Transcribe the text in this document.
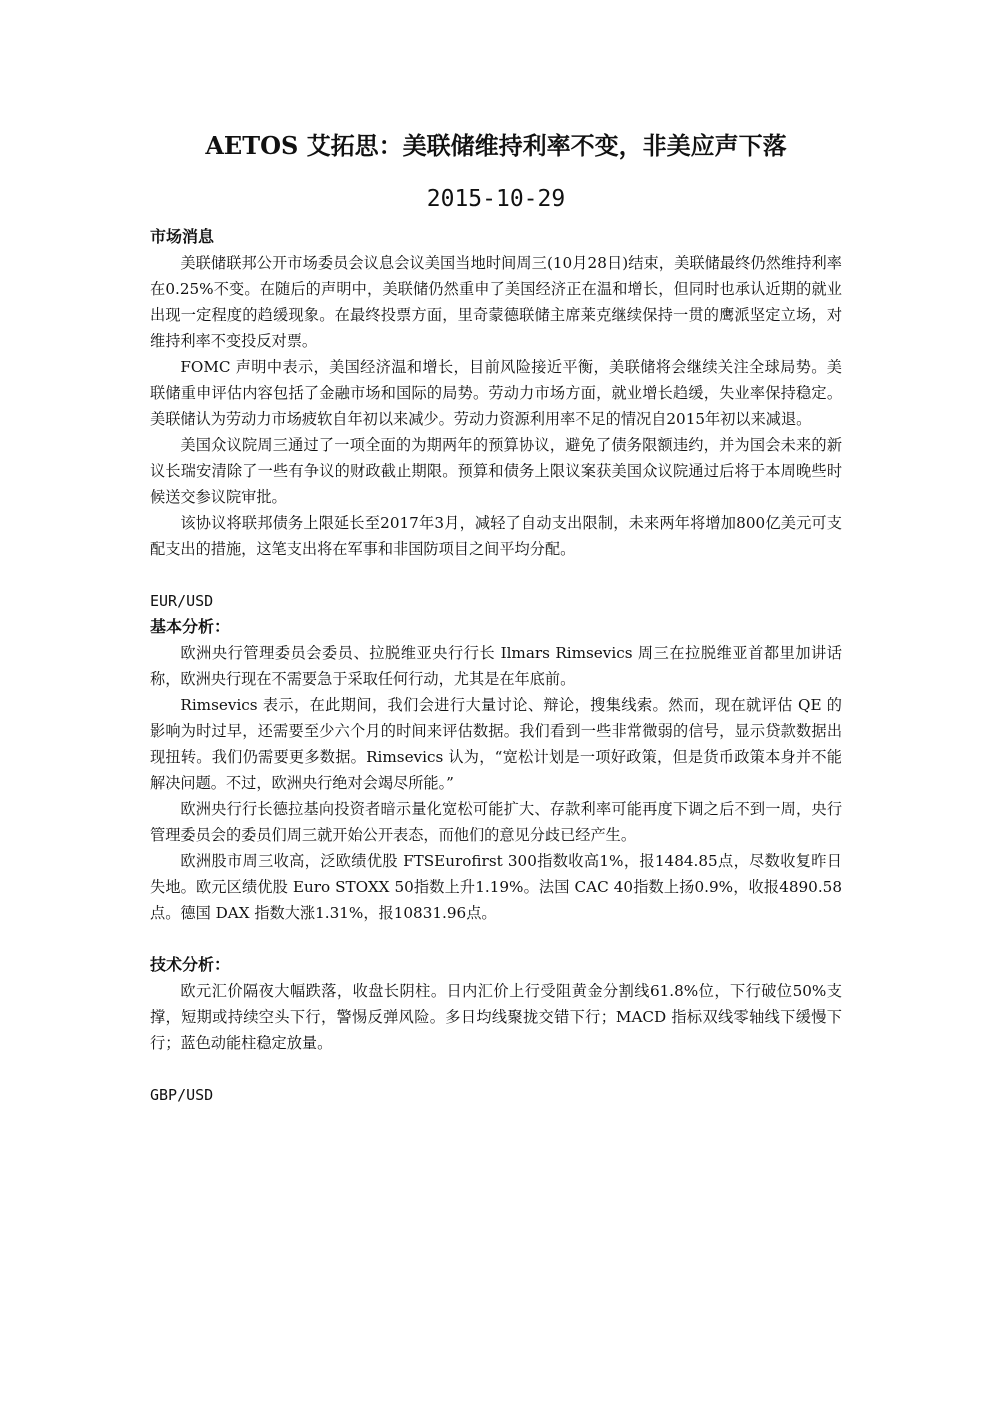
AETOS 艾拓思：美联储维持利率不变，非美应声下落
2015-10-29
市场消息

美联储联邦公开市场委员会议息会议美国当地时间周三(10月28日)结束，美联储最终仍然维持利率在0.25%不变。在随后的声明中，美联储仍然重申了美国经济正在温和增长，但同时也承认近期的就业出现一定程度的趋缓现象。在最终投票方面，里奇蒙德联储主席莱克继续保持一贯的鹰派坚定立场，对维持利率不变投反对票。

FOMC 声明中表示，美国经济温和增长，目前风险接近平衡，美联储将会继续关注全球局势。美联储重申评估内容包括了金融市场和国际的局势。劳动力市场方面，就业增长趋缓，失业率保持稳定。美联储认为劳动力市场疲软自年初以来减少。劳动力资源利用率不足的情况自2015年初以来减退。

美国众议院周三通过了一项全面的为期两年的预算协议，避免了债务限额违约，并为国会未来的新议长瑞安清除了一些有争议的财政截止期限。预算和债务上限议案获美国众议院通过后将于本周晚些时候送交参议院审批。

该协议将联邦债务上限延长至2017年3月，减轻了自动支出限制，未来两年将增加800亿美元可支配支出的措施，这笔支出将在军事和非国防项目之间平均分配。

EUR/USD
基本分析：

欧洲央行管理委员会委员、拉脱维亚央行行长 Ilmars Rimsevics 周三在拉脱维亚首都里加讲话称，欧洲央行现在不需要急于采取任何行动，尤其是在年底前。

Rimsevics 表示，在此期间，我们会进行大量讨论、辩论，搜集线索。然而，现在就评估 QE 的影响为时过早，还需要至少六个月的时间来评估数据。我们看到一些非常微弱的信号，显示贷款数据出现扭转。我们仍需要更多数据。Rimsevics 认为，“宽松计划是一项好政策，但是货币政策本身并不能解决问题。不过，欧洲央行绝对会竭尽所能。”

欧洲央行行长德拉基向投资者暗示量化宽松可能扩大、存款利率可能再度下调之后不到一周，央行管理委员会的委员们周三就开始公开表态，而他们的意见分歧已经产生。

欧洲股市周三收高，泛欧绩优股 FTSEurofirst 300指数收高1%，报1484.85点，尽数收复昨日失地。欧元区绩优股 Euro STOXX 50指数上升1.19%。法国 CAC 40指数上扬0.9%，收报4890.58点。德国 DAX 指数大涨1.31%，报10831.96点。

技术分析：

欧元汇价隔夜大幅跌落，收盘长阴柱。日内汇价上行受阻黄金分割线61.8%位，下行破位50%支撑，短期或持续空头下行，警惕反弹风险。多日均线聚拢交错下行；MACD 指标双线零轴线下缓慢下行；蓝色动能柱稳定放量。

GBP/USD
